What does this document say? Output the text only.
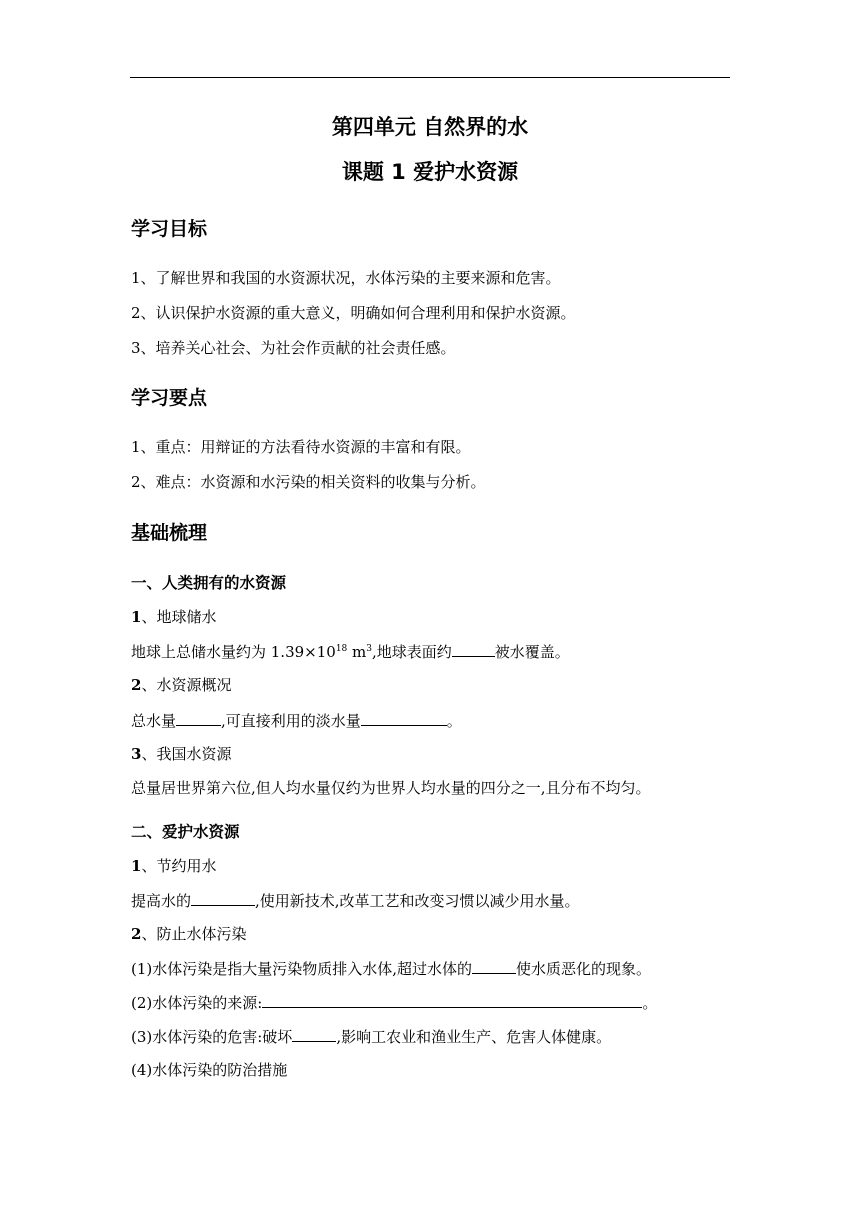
第四单元 自然界的水
课题 1 爱护水资源
学习目标
1、了解世界和我国的水资源状况，水体污染的主要来源和危害。
2、认识保护水资源的重大意义，明确如何合理利用和保护水资源。
3、培养关心社会、为社会作贡献的社会责任感。
学习要点
1、重点：用辩证的方法看待水资源的丰富和有限。
2、难点：水资源和水污染的相关资料的收集与分析。
基础梳理
一、人类拥有的水资源
1、地球储水
地球上总储水量约为 $1.39\times 10^{18}$ $m^3$,地球表面约	被水覆盖。
2、水资源概况
总水量	,可直接利用的淡水量	。
3、我国水资源
总量居世界第六位,但人均水量仅约为世界人均水量的四分之一,且分布不均匀。
二、爱护水资源
1、节约用水
提高水的	,使用新技术,改革工艺和改变习惯以减少用水量。
2、防止水体污染
(1)水体污染是指大量污染物质排入水体,超过水体的	使水质恶化的现象。
(2)水体污染的来源:	。
(3)水体污染的危害:破坏	,影响工农业和渔业生产、危害人体健康。
(4)水体污染的防治措施
